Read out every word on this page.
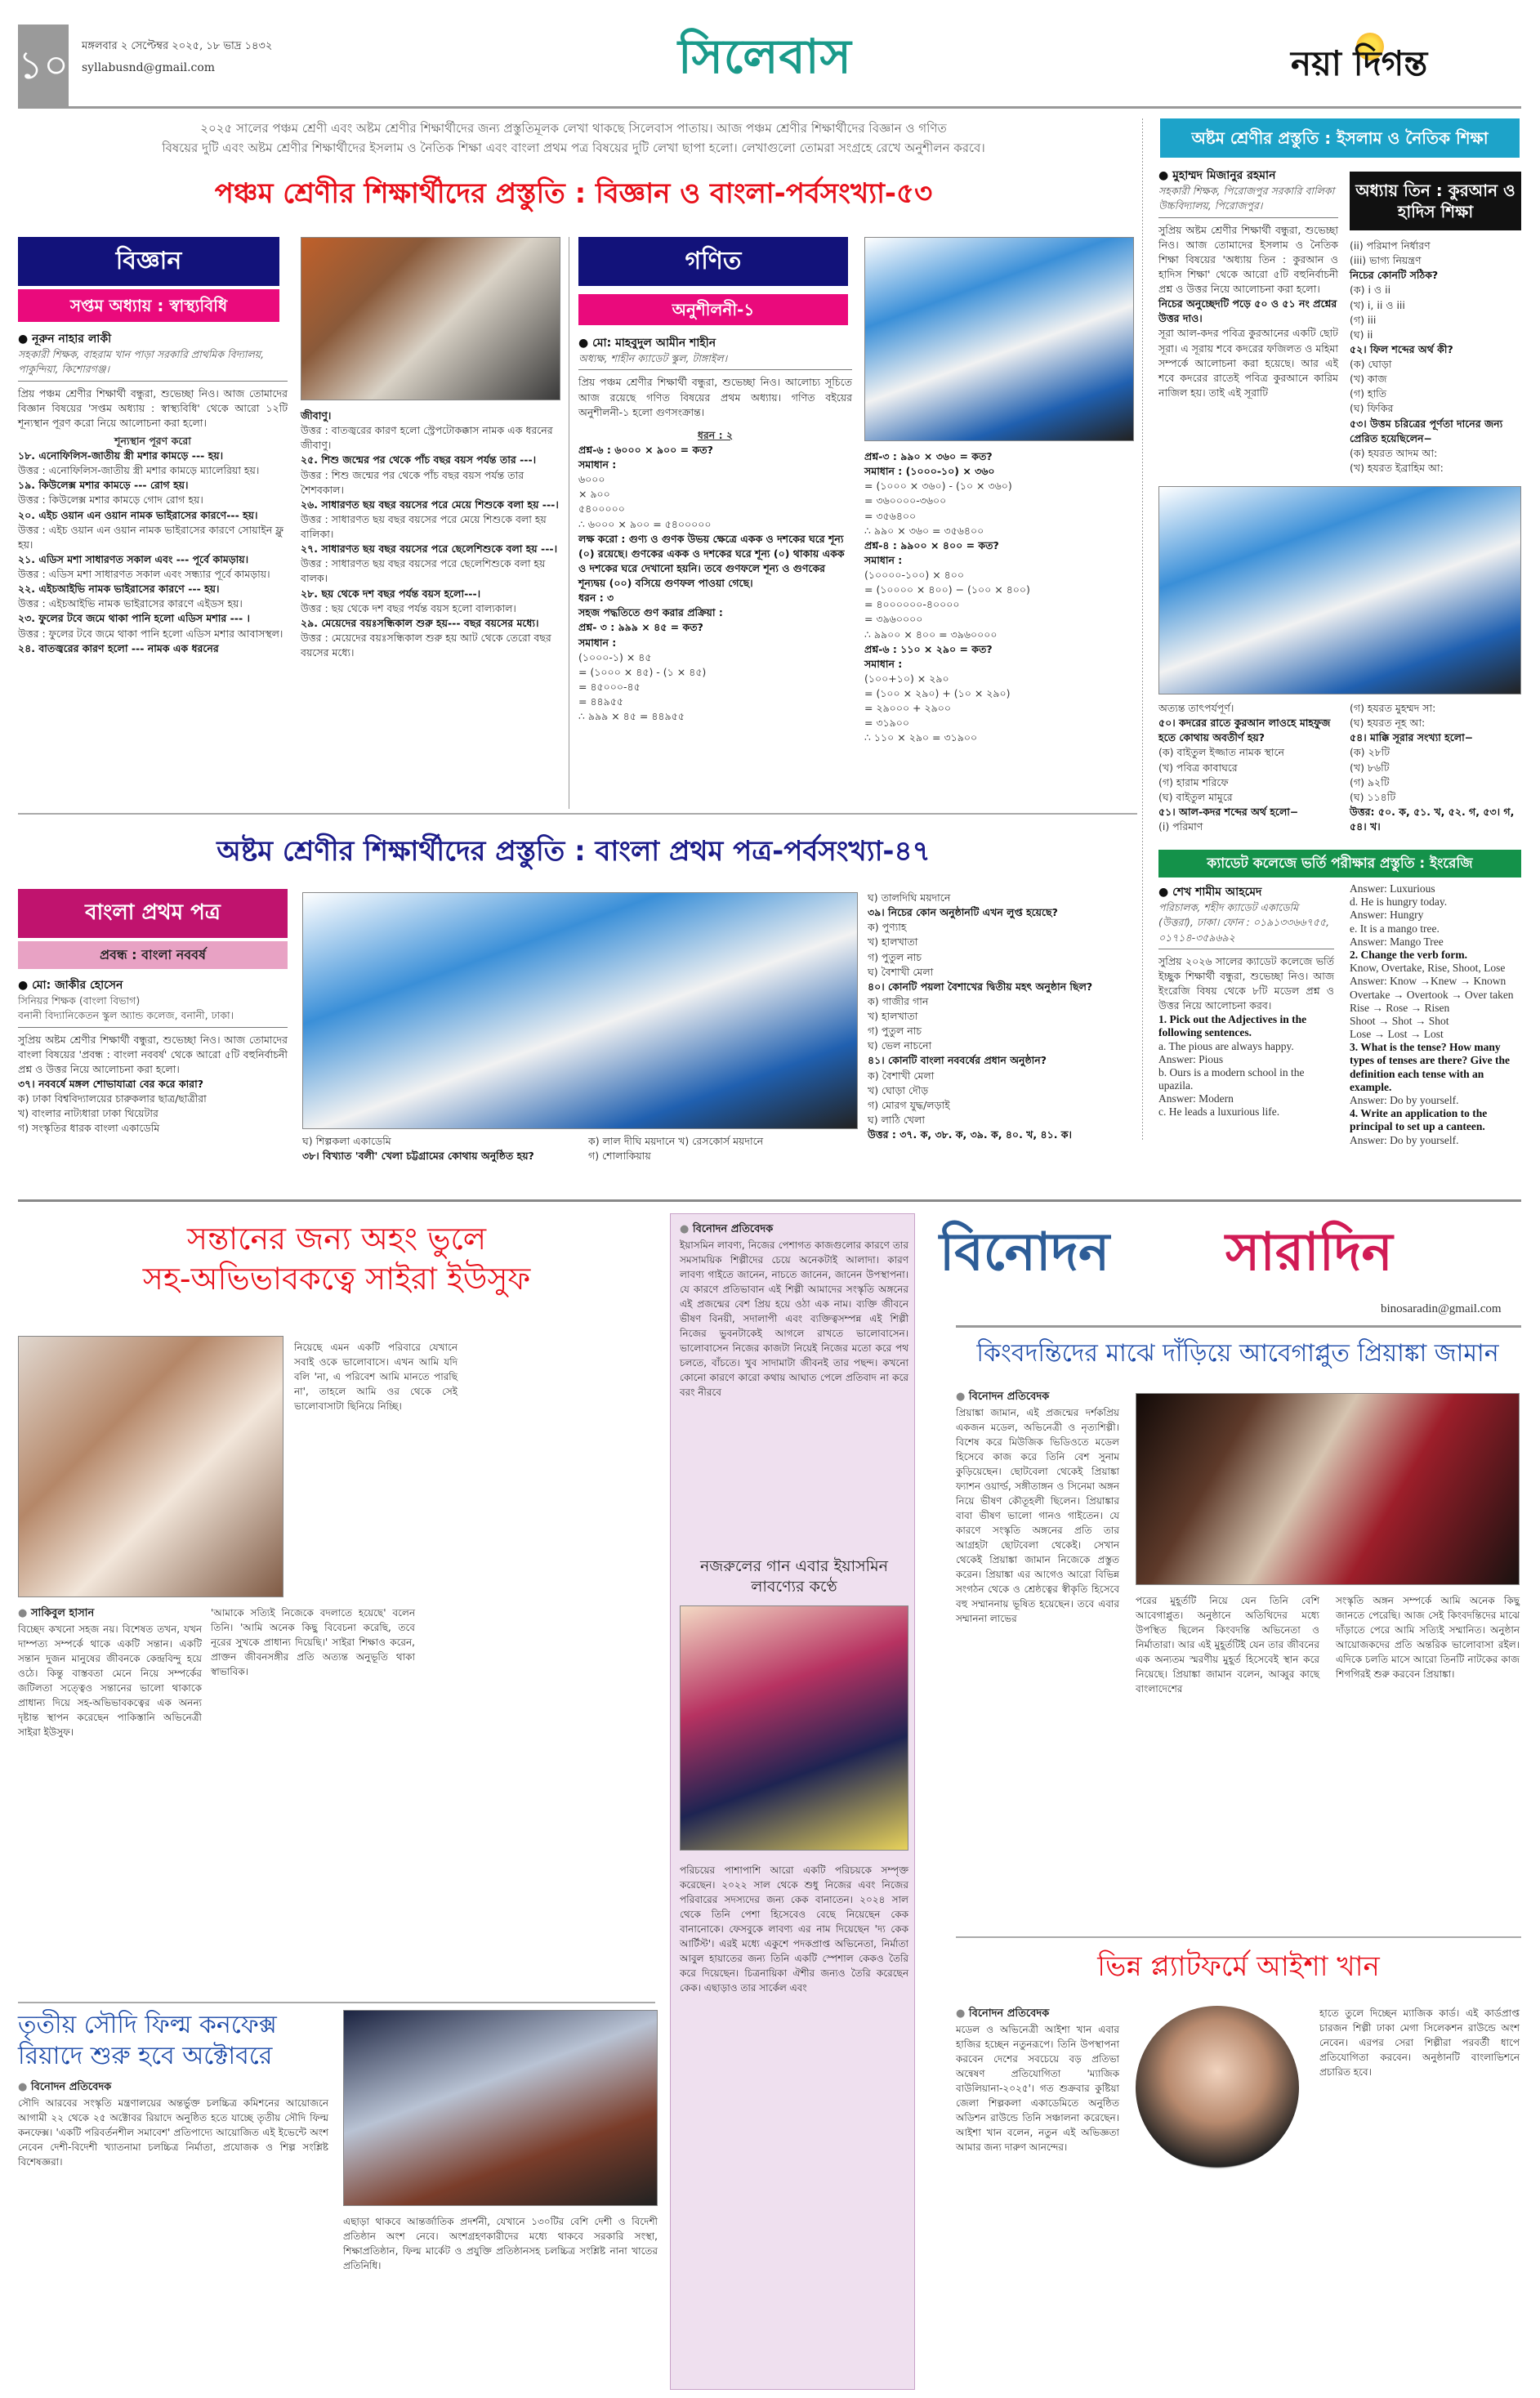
১০ মঙ্গলবার ২ সেপ্টেম্বর ২০২৫, ১৮ ভাদ্র ১৪৩২
syllabusnd@gmail.com	সিলেবাস	নয়া দিগন্ত
২০২৫ সালের পঞ্চম শ্রেণী এবং অষ্টম শ্রেণীর শিক্ষার্থীদের জন্য প্রস্তুতিমূলক লেখা থাকছে সিলেবাস পাতায়। আজ পঞ্চম শ্রেণীর শিক্ষার্থীদের বিজ্ঞান ও গণিত
বিষয়ের দুটি এবং অষ্টম শ্রেণীর শিক্ষার্থীদের ইসলাম ও নৈতিক শিক্ষা এবং বাংলা প্রথম পত্র বিষয়ের দুটি লেখা ছাপা হলো। লেখাগুলো তোমরা সংগ্রহে রেখে অনুশীলন করবে।
অষ্টম শ্রেণীর প্রস্তুতি : ইসলাম ও নৈতিক শিক্ষা
পঞ্চম শ্রেণীর শিক্ষার্থীদের প্রস্তুতি : বিজ্ঞান ও বাংলা-পর্বসংখ্যা-৫৩
বিজ্ঞান
সপ্তম অধ্যায় : স্বাস্থ্যবিধি
● নূরুন নাহার লাকী
সহকারী শিক্ষক, বাহরাম খান পাড়া সরকারি প্রাথমিক বিদ্যালয়, পাকুন্দিয়া, কিশোরগঞ্জ।
প্রিয় পঞ্চম শ্রেণীর শিক্ষার্থী বন্ধুরা, শুভেচ্ছা নিও। আজ তোমাদের বিজ্ঞান বিষয়ের 'সপ্তম অধ্যায় : স্বাস্থ্যবিধি' থেকে আরো ১২টি শূন্যস্থান পূরণ করো নিয়ে আলোচনা করা হলো।
শূন্যস্থান পূরণ করো
১৮. এনোফিলিস-জাতীয় স্ত্রী মশার কামড়ে --- হয়।
উত্তর : এনোফিলিস-জাতীয় স্ত্রী মশার কামড়ে ম্যালেরিয়া হয়।
১৯. কিউলেক্স মশার কামড়ে --- রোগ হয়।
উত্তর : কিউলেক্স মশার কামড়ে গোদ রোগ হয়।
২০. এইচ ওয়ান এন ওয়ান নামক ভাইরাসের কারণে--- হয়।
উত্তর : এইচ ওয়ান এন ওয়ান নামক ভাইরাসের কারণে সোয়াইন ফ্লু হয়।
২১. এডিস মশা সাধারণত সকাল এবং --- পূর্বে কামড়ায়।
উত্তর : এডিস মশা সাধারণত সকাল এবং সন্ধ্যার পূর্বে কামড়ায়।
২২. এইচআইভি নামক ভাইরাসের কারণে --- হয়।
উত্তর : এইচআইভি নামক ভাইরাসের কারণে এইডস হয়।
২৩. ফুলের টবে জমে থাকা পানি হলো এডিস মশার --- ।
উত্তর : ফুলের টবে জমে থাকা পানি হলো এডিস মশার আবাসস্থল।
২৪. বাতজ্বরের কারণ হলো --- নামক এক ধরনের
জীবাণু।
উত্তর : বাতজ্বরের কারণ হলো স্ট্রেপটোকক্কাস নামক এক ধরনের জীবাণু।
২৫. শিশু জন্মের পর থেকে পাঁচ বছর বয়স পর্যন্ত তার ---।
উত্তর : শিশু জন্মের পর থেকে পাঁচ বছর বয়স পর্যন্ত তার শৈশবকাল।
২৬. সাধারণত ছয় বছর বয়সের পরে মেয়ে শিশুকে বলা হয় ---।
উত্তর : সাধারণত ছয় বছর বয়সের পরে মেয়ে শিশুকে বলা হয় বালিকা।
২৭. সাধারণত ছয় বছর বয়সের পরে ছেলেশিশুকে বলা হয় ---।
উত্তর : সাধারণত ছয় বছর বয়সের পরে ছেলেশিশুকে বলা হয় বালক।
২৮. ছয় থেকে দশ বছর পর্যন্ত বয়স হলো---।
উত্তর : ছয় থেকে দশ বছর পর্যন্ত বয়স হলো বাল্যকাল।
২৯. মেয়েদের বয়ঃসন্ধিকাল শুরু হয়--- বছর বয়সের মধ্যে।
উত্তর : মেয়েদের বয়ঃসন্ধিকাল শুরু হয় আট থেকে তেরো বছর বয়সের মধ্যে।
গণিত
অনুশীলনী-১
● মো: মাহবুদুল আমীন শাহীন
অধ্যক্ষ, শাহীন ক্যাডেট স্কুল, টাঙ্গাইল।
প্রিয় পঞ্চম শ্রেণীর শিক্ষার্থী বন্ধুরা, শুভেচ্ছা নিও। আলোচ্য সূচিতে আজ রয়েছে গণিত বিষয়ের প্রথম অধ্যায়। গণিত বইয়ের অনুশীলনী-১ হলো গুণসংক্রান্ত।
ধরন : ২
প্রশ্ন-৬ : ৬০০০ × ৯০০ = কত?
সমাধান :
৬০০০
× ৯০০
৫৪০০০০০
∴ ৬০০০ × ৯০০ = ৫৪০০০০০
লক্ষ করো : গুণ্য ও গুণক উভয় ক্ষেত্রে একক ও দশকের ঘরে শূন্য (০) রয়েছে। গুণকের একক ও দশকের ঘরে শূন্য (০) থাকায় একক ও দশকের ঘরে দেখানো হয়নি। তবে গুণফলে শূন্য ও গুণকের শূন্যদ্বয় (০০) বসিয়ে গুণফল পাওয়া গেছে।
ধরন : ৩
সহজ পদ্ধতিতে গুণ করার প্রক্রিয়া :
প্রশ্ন- ৩ : ৯৯৯ × ৪৫ = কত?
সমাধান :
(১০০০-১) × ৪৫
= (১০০০ × ৪৫) - (১ × ৪৫)
= ৪৫০০০-৪৫
= ৪৪৯৫৫
∴ ৯৯৯ × ৪৫ = ৪৪৯৫৫
প্রশ্ন-৩ : ৯৯০ × ৩৬০ = কত?
সমাধান : (১০০০-১০) × ৩৬০
= (১০০০ × ৩৬০) - (১০ × ৩৬০)
= ৩৬০০০০-৩৬০০
= ৩৫৬৪০০
∴ ৯৯০ × ৩৬০ = ৩৫৬৪০০
প্রশ্ন-৪ : ৯৯০০ × ৪০০ = কত?
সমাধান :
(১০০০০-১০০) × ৪০০
= (১০০০০ × ৪০০) − (১০০ × ৪০০)
= ৪০০০০০০-৪০০০০
= ৩৯৬০০০০
∴ ৯৯০০ × ৪০০ = ৩৯৬০০০০
প্রশ্ন-৬ : ১১০ × ২৯০ = কত?
সমাধান :
(১০০+১০) × ২৯০
= (১০০ × ২৯০) + (১০ × ২৯০)
= ২৯০০০ + ২৯০০
= ৩১৯০০
∴ ১১০ × ২৯০ = ৩১৯০০
● মুহাম্মদ মিজানুর রহমান
সহকারী শিক্ষক, পিরোজপুর সরকারি বালিকা উচ্চবিদ্যালয়, পিরোজপুর।
সুপ্রিয় অষ্টম শ্রেণীর শিক্ষার্থী বন্ধুরা, শুভেচ্ছা নিও। আজ তোমাদের ইসলাম ও নৈতিক শিক্ষা বিষয়ের 'অধ্যায় তিন : কুরআন ও হাদিস শিক্ষা' থেকে আরো ৫টি বহুনির্বাচনী প্রশ্ন ও উত্তর নিয়ে আলোচনা করা হলো।
নিচের অনুচ্ছেদটি পড়ে ৫০ ও ৫১ নং প্রশ্নের উত্তর দাও।
সূরা আল-কদর পবিত্র কুরআনের একটি ছোট সূরা। এ সূরায় শবে কদরের ফজিলত ও মহিমা সম্পর্কে আলোচনা করা হয়েছে। আর এই শবে কদরের রাতেই পবিত্র কুরআনে কারিম নাজিল হয়। তাই এই সূরাটি
অধ্যায় তিন : কুরআন ও হাদিস শিক্ষা
(ii) পরিমাপ নির্ধারণ
(iii) ভাগ্য নিয়ন্ত্রণ
নিচের কোনটি সঠিক?
(ক) i ও ii
(খ) i, ii ও iii
(গ) iii
(ঘ) ii
৫২। ফিল শব্দের অর্থ কী?
(ক) ঘোড়া
(খ) কাজ
(গ) হাতি
(ঘ) ফিকির
৫৩। উত্তম চরিত্রের পূর্ণতা দানের জন্য প্রেরিত হয়েছিলেন−
(ক) হযরত আদম আ:
(খ) হযরত ইব্রাহিম আ:
অত্যন্ত তাৎপর্যপূর্ণ।
৫০। কদরের রাতে কুরআন লাওহে মাহফুজ হতে কোথায় অবতীর্ণ হয়?
(ক) বাইতুল ইজ্জাত নামক স্থানে
(খ) পবিত্র কাবাঘরে
(গ) হারাম শরিফে
(ঘ) বাইতুল মামুরে
৫১। আল-কদর শব্দের অর্থ হলো−
(i) পরিমাণ
(গ) হযরত মুহম্মদ সা:
(ঘ) হযরত নূহ আ:
৫৪। মাক্কি সূরার সংখ্যা হলো−
(ক) ২৮টি
(খ) ৮৬টি
(গ) ৯২টি
(ঘ) ১১৪টি
উত্তর: ৫০. ক, ৫১. খ, ৫২. গ, ৫৩। গ, ৫৪। খ।
অষ্টম শ্রেণীর শিক্ষার্থীদের প্রস্তুতি : বাংলা প্রথম পত্র-পর্বসংখ্যা-৪৭
বাংলা প্রথম পত্র
প্রবন্ধ : বাংলা নববর্ষ
● মো: জাকীর হোসেন
সিনিয়র শিক্ষক (বাংলা বিভাগ)
বনানী বিদ্যানিকেতন স্কুল অ্যান্ড কলেজ, বনানী, ঢাকা।
সুপ্রিয় অষ্টম শ্রেণীর শিক্ষার্থী বন্ধুরা, শুভেচ্ছা নিও। আজ তোমাদের বাংলা বিষয়ের 'প্রবন্ধ : বাংলা নববর্ষ' থেকে আরো ৫টি বহুনির্বাচনী প্রশ্ন ও উত্তর নিয়ে আলোচনা করা হলো।
৩৭। নববর্ষে মঙ্গল শোভাযাত্রা বের করে কারা?
ক) ঢাকা বিশ্ববিদ্যালয়ের চারুকলার ছাত্র/ছাত্রীরা
খ) বাংলার নাট্যধারা ঢাকা থিয়েটার
গ) সংস্কৃতির ধারক বাংলা একাডেমি
ঘ) শিল্পকলা একাডেমি
৩৮। বিখ্যাত 'বলী' খেলা চট্টগ্রামের কোথায় অনুষ্ঠিত হয়?
ক) লাল দীঘি ময়দানে খ) রেসকোর্স ময়দানে
গ) শোলাকিয়ায়
ঘ) তালদিঘি ময়দানে
৩৯। নিচের কোন অনুষ্ঠানটি এখন লুপ্ত হয়েছে?
ক) পুণ্যাহ
খ) হালখাতা
গ) পুতুল নাচ
ঘ) বৈশাখী মেলা
৪০। কোনটি পয়লা বৈশাখের দ্বিতীয় মহৎ অনুষ্ঠান ছিল?
ক) গাজীর গান
খ) হালখাতা
গ) পুতুল নাচ
ঘ) ভেল নাচনো
৪১। কোনটি বাংলা নববর্ষের প্রধান অনুষ্ঠান?
ক) বৈশাখী মেলা
খ) ঘোড়া দৌড়
গ) মোরগ যুদ্ধ/লড়াই
ঘ) লাঠি খেলা
উত্তর : ৩৭. ক, ৩৮. ক, ৩৯. ক, ৪০. খ, ৪১. ক।
ক্যাডেট কলেজে ভর্তি পরীক্ষার প্রস্তুতি : ইংরেজি
● শেখ শামীম আহমেদ
পরিচালক, শহীদ ক্যাডেট একাডেমি (উত্তরা), ঢাকা। ফোন : ০১৯১৩৩৬৬৭৫৫, ০১৭১৪-৩৫৯৬৯২
সুপ্রিয় ২০২৬ সালের ক্যাডেট কলেজে ভর্তি ইচ্ছুক শিক্ষার্থী বন্ধুরা, শুভেচ্ছা নিও। আজ ইংরেজি বিষয় থেকে ৮টি মডেল প্রশ্ন ও উত্তর নিয়ে আলোচনা করব।
1. Pick out the Adjectives in the following sentences.
a. The pious are always happy.
Answer: Pious
b. Ours is a modern school in the upazila.
Answer: Modern
c. He leads a luxurious life.
Answer: Luxurious
d. He is hungry today.
Answer: Hungry
e. It is a mango tree.
Answer: Mango Tree
2. Change the verb form.
Know, Overtake, Rise, Shoot, Lose
Answer: Know →Knew → Known
Overtake → Overtook → Over taken
Rise → Rose → Risen
Shoot → Shot → Shot
Lose → Lost → Lost
3. What is the tense? How many types of tenses are there? Give the definition each tense with an example.
Answer: Do by yourself.
4. Write an application to the principal to set up a canteen.
Answer: Do by yourself.
সন্তানের জন্য অহং ভুলে
সহ-অভিভাবকত্বে সাইরা ইউসুফ
নিয়েছে এমন একটি পরিবারে যেখানে সবাই ওকে ভালোবাসে। এখন আমি যদি বলি 'না, এ পরিবেশ আমি মানতে পারছি না', তাহলে আমি ওর থেকে সেই ভালোবাসাটা ছিনিয়ে নিচ্ছি।
● সাকিবুল হাসান
বিচ্ছেদ কখনো সহজ নয়। বিশেষত তখন, যখন দাম্পত্য সম্পর্কে থাকে একটি সন্তান। একটি সন্তান দুজন মানুষের জীবনকে কেন্দ্রবিন্দু হয়ে ওঠে। কিন্তু বাস্তবতা মেনে নিয়ে সম্পর্কের জটিলতা সত্ত্বেও সন্তানের ভালো থাকাকে প্রাধান্য দিয়ে সহ-অভিভাবকত্বের এক অনন্য দৃষ্টান্ত স্থাপন করেছেন পাকিস্তানি অভিনেত্রী সাইরা ইউসুফ।
'আমাকে সত্যিই নিজেকে বদলাতে হয়েছে' বলেন তিনি। 'আমি অনেক কিছু বিবেচনা করেছি, তবে নূরের সুখকে প্রাধান্য দিয়েছি।' সাইরা শিক্ষাও করেন, প্রাক্তন জীবনসঙ্গীর প্রতি অত্যন্ত অনুভূতি থাকা স্বাভাবিক।
তৃতীয় সৌদি ফিল্ম কনফেক্স
রিয়াদে শুরু হবে অক্টোবরে
● বিনোদন প্রতিবেদক
সৌদি আরবের সংস্কৃতি মন্ত্রণালয়ের অন্তর্ভুক্ত চলচ্চিত্র কমিশনের আয়োজনে আগামী ২২ থেকে ২৫ অক্টোবর রিয়াদে অনুষ্ঠিত হতে যাচ্ছে তৃতীয় সৌদি ফিল্ম কনফেক্স। 'একটি পরিবর্তনশীল সমাবেশ' প্রতিপাদ্যে আয়োজিত এই ইভেন্টে অংশ নেবেন দেশী-বিদেশী খ্যাতনামা চলচ্চিত্র নির্মাতা, প্রযোজক ও শিল্প সংশ্লিষ্ট বিশেষজ্ঞরা।
এছাড়া থাকবে আন্তর্জাতিক প্রদর্শনী, যেখানে ১৩০টির বেশি দেশী ও বিদেশী প্রতিষ্ঠান অংশ নেবে। অংশগ্রহণকারীদের মধ্যে থাকবে সরকারি সংস্থা, শিক্ষাপ্রতিষ্ঠান, ফিল্ম মার্কেট ও প্রযুক্তি প্রতিষ্ঠানসহ চলচ্চিত্র সংশ্লিষ্ট নানা খাতের প্রতিনিধি।
● বিনোদন প্রতিবেদক
ইয়াসমিন লাবণ্য, নিজের পেশাগত কাজগুলোর কারণে তার সমসাময়িক শিল্পীদের চেয়ে অনেকটাই আলাদা। কারণ লাবণ্য গাইতে জানেন, নাচতে জানেন, জানেন উপস্থাপনা। যে কারণে প্রতিভাবান এই শিল্পী আমাদের সংস্কৃতি অঙ্গনের এই প্রজন্মের বেশ প্রিয় হয়ে ওঠা এক নাম। ব্যক্তি জীবনে ভীষণ বিনয়ী, সদালাপী এবং ব্যক্তিত্বসম্পন্ন এই শিল্পী নিজের ভুবনটাকেই আগলে রাখতে ভালোবাসেন। ভালোবাসেন নিজের কাজটা নিয়েই নিজের মতো করে পথ চলতে, বাঁচতে। খুব সাদামাটা জীবনই তার পছন্দ। কখনো কোনো কারণে কারো কথায় আঘাত পেলে প্রতিবাদ না করে বরং নীরবে
নজরুলের গান এবার ইয়াসমিন লাবণ্যের কণ্ঠে
পরিচয়ের পাশাপাশি আরো একটি পরিচয়কে সম্পৃক্ত করেছেন। ২০২২ সাল থেকে শুধু নিজের এবং নিজের পরিবারের সদস্যদের জন্য কেক বানাতেন। ২০২৪ সাল থেকে তিনি পেশা হিসেবেও বেছে নিয়েছেন কেক বানানোকে। ফেসবুকে লাবণ্য এর নাম দিয়েছেন 'দ্য কেক আর্টিস্ট'। এরই মধ্যে একুশে পদকপ্রাপ্ত অভিনেতা, নির্মাতা আবুল হায়াতের জন্য তিনি একটি স্পেশাল কেকও তৈরি করে দিয়েছেন। চিত্রনায়িকা ঐশীর জন্যও তৈরি করেছেন কেক। এছাড়াও তার সার্কেল এবং
বিনোদন সারাদিন
binosaradin@gmail.com
কিংবদন্তিদের মাঝে দাঁড়িয়ে আবেগাপ্লুত প্রিয়াঙ্কা জামান
● বিনোদন প্রতিবেদক
প্রিয়াঙ্কা জামান, এই প্রজন্মের দর্শকপ্রিয় একজন মডেল, অভিনেত্রী ও নৃত্যশিল্পী। বিশেষ করে মিউজিক ভিডিওতে মডেল হিসেবে কাজ করে তিনি বেশ সুনাম কুড়িয়েছেন। ছোটবেলা থেকেই প্রিয়াঙ্কা ফ্যাশন ওয়ার্ল্ড, সঙ্গীতাঙ্গন ও সিনেমা অঙ্গন নিয়ে ভীষণ কৌতূহলী ছিলেন। প্রিয়াঙ্কার বাবা ভীষণ ভালো গানও গাইতেন। যে কারণে সংস্কৃতি অঙ্গনের প্রতি তার আগ্রহটা ছোটবেলা থেকেই। সেখান থেকেই প্রিয়াঙ্কা জামান নিজেকে প্রস্তুত করেন। প্রিয়াঙ্কা এর আগেও আরো বিভিন্ন সংগঠন থেকে ও শ্রেষ্ঠত্বের স্বীকৃতি হিসেবে বহু সম্মাননায় ভূষিত হয়েছেন। তবে এবার সম্মাননা লাভের
পরের মুহূর্তটি নিয়ে যেন তিনি বেশি আবেগাপ্লুত। অনুষ্ঠানে অতিথিদের মধ্যে উপস্থিত ছিলেন কিংবদন্তি অভিনেতা ও নির্মাতারা। আর এই মুহূর্তটিই যেন তার জীবনের এক অন্যতম স্মরণীয় মুহূর্ত হিসেবেই স্থান করে নিয়েছে। প্রিয়াঙ্কা জামান বলেন, আব্বুর কাছে বাংলাদেশের
সংস্কৃতি অঙ্গন সম্পর্কে আমি অনেক কিছু জানতে পেরেছি। আজ সেই কিংবদন্তিদের মাঝে দাঁড়াতে পেরে আমি সত্যিই সম্মানিত। অনুষ্ঠান আয়োজকদের প্রতি অন্তরিক ভালোবাসা রইল। এদিকে চলতি মাসে আরো তিনটি নাটকের কাজ শিগগিরই শুরু করবেন প্রিয়াঙ্কা।
ভিন্ন প্ল্যাটফর্মে আইশা খান
● বিনোদন প্রতিবেদক
মডেল ও অভিনেত্রী আইশা খান এবার হাজির হচ্ছেন নতুনরূপে। তিনি উপস্থাপনা করবেন দেশের সবচেয়ে বড় প্রতিভা অন্বেষণ প্রতিযোগিতা 'ম্যাজিক বাউলিয়ানা-২০২৫'। গত শুক্রবার কুষ্টিয়া জেলা শিল্পকলা একাডেমিতে অনুষ্ঠিত অডিশন রাউন্ডে তিনি সঞ্চালনা করেছেন। আইশা খান বলেন, নতুন এই অভিজ্ঞতা আমার জন্য দারুণ আনন্দের।
হাতে তুলে দিচ্ছেন ম্যাজিক কার্ড। এই কার্ডপ্রাপ্ত চারজন শিল্পী ঢাকা মেগা সিলেকশন রাউন্ডে অংশ নেবেন। এরপর সেরা শিল্পীরা পরবর্তী ধাপে প্রতিযোগিতা করবেন। অনুষ্ঠানটি বাংলাভিশনে প্রচারিত হবে।
